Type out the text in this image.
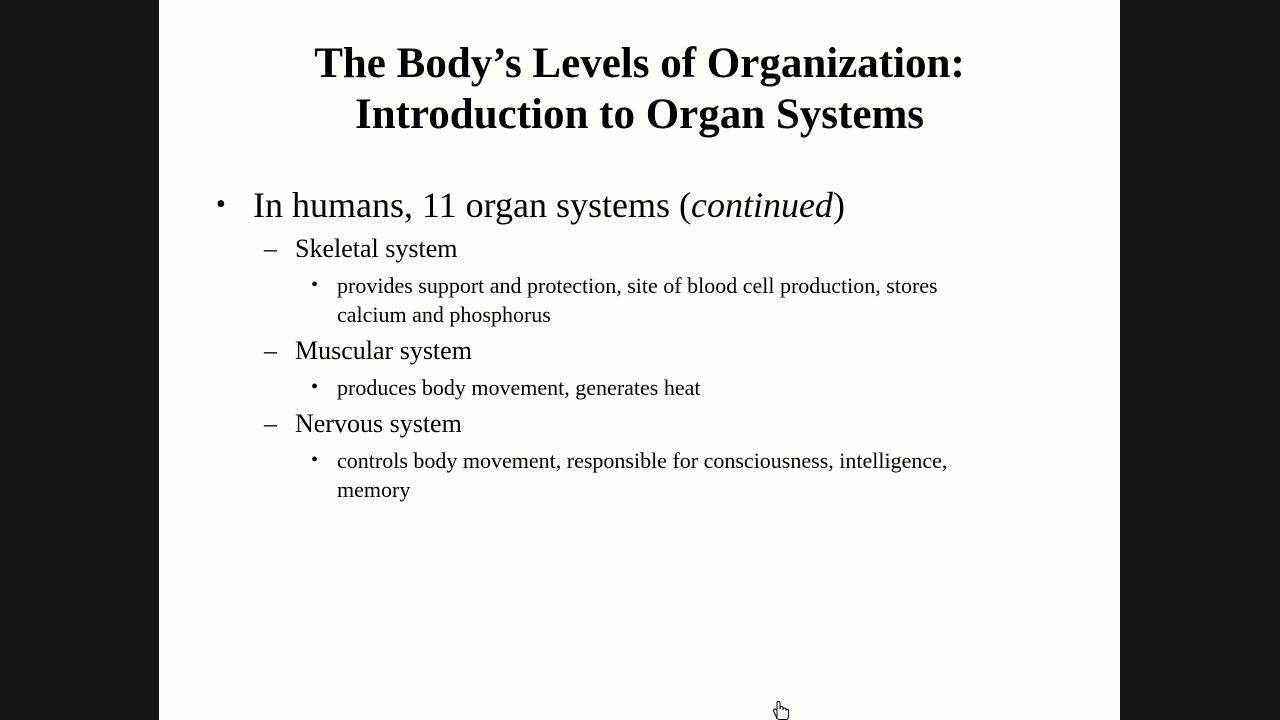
The Body’s Levels of Organization:
Introduction to Organ Systems
• In humans, 11 organ systems (continued)
– Skeletal system
• provides support and protection, site of blood cell production, stores calcium and phosphorus
– Muscular system
• produces body movement, generates heat
– Nervous system
• controls body movement, responsible for consciousness, intelligence, memory
